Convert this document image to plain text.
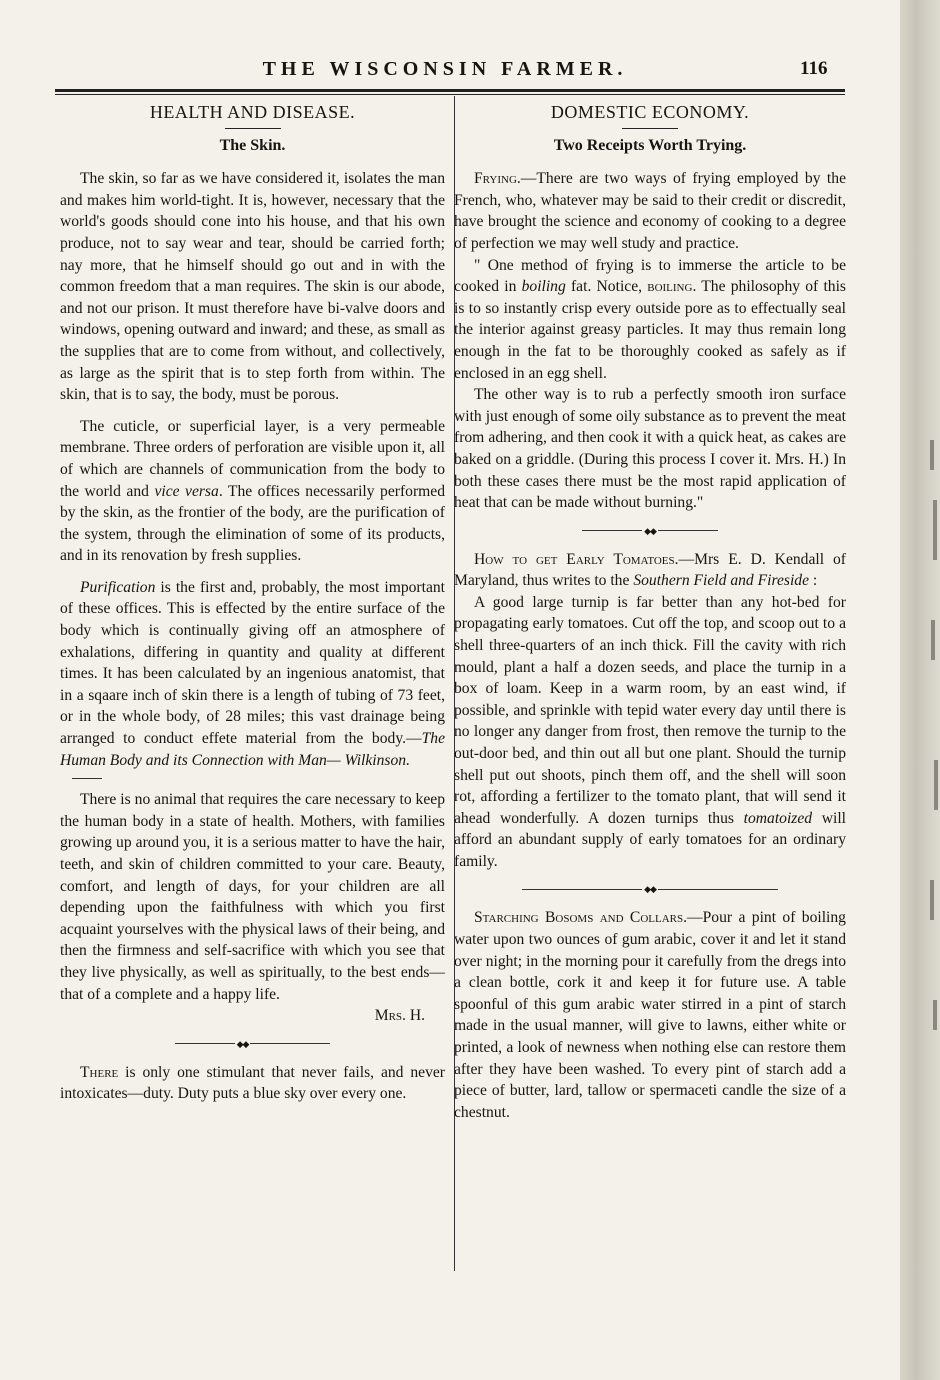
THE WISCONSIN FARMER.	116
HEALTH AND DISEASE.
The Skin.

The skin, so far as we have considered it, isolates the man and makes him world-tight. It is, however, necessary that the world's goods should cone into his house, and that his own produce, not to say wear and tear, should be carried forth; nay more, that he himself should go out and in with the common freedom that a man requires. The skin is our abode, and not our prison. It must therefore have bi-valve doors and windows, opening outward and inward; and these, as small as the supplies that are to come from without, and collectively, as large as the spirit that is to step forth from within. The skin, that is to say, the body, must be porous.

The cuticle, or superficial layer, is a very permeable membrane. Three orders of perforation are visible upon it, all of which are channels of communication from the body to the world and vice versa. The offices necessarily performed by the skin, as the frontier of the body, are the purification of the system, through the elimination of some of its products, and in its renovation by fresh supplies.

Purification is the first and, probably, the most important of these offices. This is effected by the entire surface of the body which is continually giving off an atmosphere of exhalations, differing in quantity and quality at different times. It has been calculated by an ingenious anatomist, that in a sqaare inch of skin there is a length of tubing of 73 feet, or in the whole body, of 28 miles; this vast drainage being arranged to conduct effete material from the body.—The Human Body and its Connection with Man— Wilkinson.

There is no animal that requires the care necessary to keep the human body in a state of health. Mothers, with families growing up around you, it is a serious matter to have the hair, teeth, and skin of children committed to your care. Beauty, comfort, and length of days, for your children are all depending upon the faithfulness with which you first acquaint yourselves with the physical laws of their being, and then the firmness and self-sacrifice with which you see that they live physically, as well as spiritually, to the best ends—that of a complete and a happy life.

Mrs. H.
◆◆

There is only one stimulant that never fails, and never intoxicates—duty. Duty puts a blue sky over every one.

DOMESTIC ECONOMY.
Two Receipts Worth Trying.

Frying.—There are two ways of frying employed by the French, who, whatever may be said to their credit or discredit, have brought the science and economy of cooking to a degree of perfection we may well study and practice.

" One method of frying is to immerse the article to be cooked in boiling fat. Notice, boiling. The philosophy of this is to so instantly crisp every outside pore as to effectually seal the interior against greasy particles. It may thus remain long enough in the fat to be thoroughly cooked as safely as if enclosed in an egg shell.

The other way is to rub a perfectly smooth iron surface with just enough of some oily substance as to prevent the meat from adhering, and then cook it with a quick heat, as cakes are baked on a griddle. (During this process I cover it. Mrs. H.) In both these cases there must be the most rapid application of heat that can be made without burning."

◆◆

How to get Early Tomatoes.—Mrs E. D. Kendall of Maryland, thus writes to the Southern Field and Fireside :

A good large turnip is far better than any hot-bed for propagating early tomatoes. Cut off the top, and scoop out to a shell three-quarters of an inch thick. Fill the cavity with rich mould, plant a half a dozen seeds, and place the turnip in a box of loam. Keep in a warm room, by an east wind, if possible, and sprinkle with tepid water every day until there is no longer any danger from frost, then remove the turnip to the out-door bed, and thin out all but one plant. Should the turnip shell put out shoots, pinch them off, and the shell will soon rot, affording a fertilizer to the tomato plant, that will send it ahead wonderfully. A dozen turnips thus tomatoized will afford an abundant supply of early tomatoes for an ordinary family.

◆◆

Starching Bosoms and Collars.—Pour a pint of boiling water upon two ounces of gum arabic, cover it and let it stand over night; in the morning pour it carefully from the dregs into a clean bottle, cork it and keep it for future use. A table spoonful of this gum arabic water stirred in a pint of starch made in the usual manner, will give to lawns, either white or printed, a look of newness when nothing else can restore them after they have been washed. To every pint of starch add a piece of butter, lard, tallow or spermaceti candle the size of a chestnut.
